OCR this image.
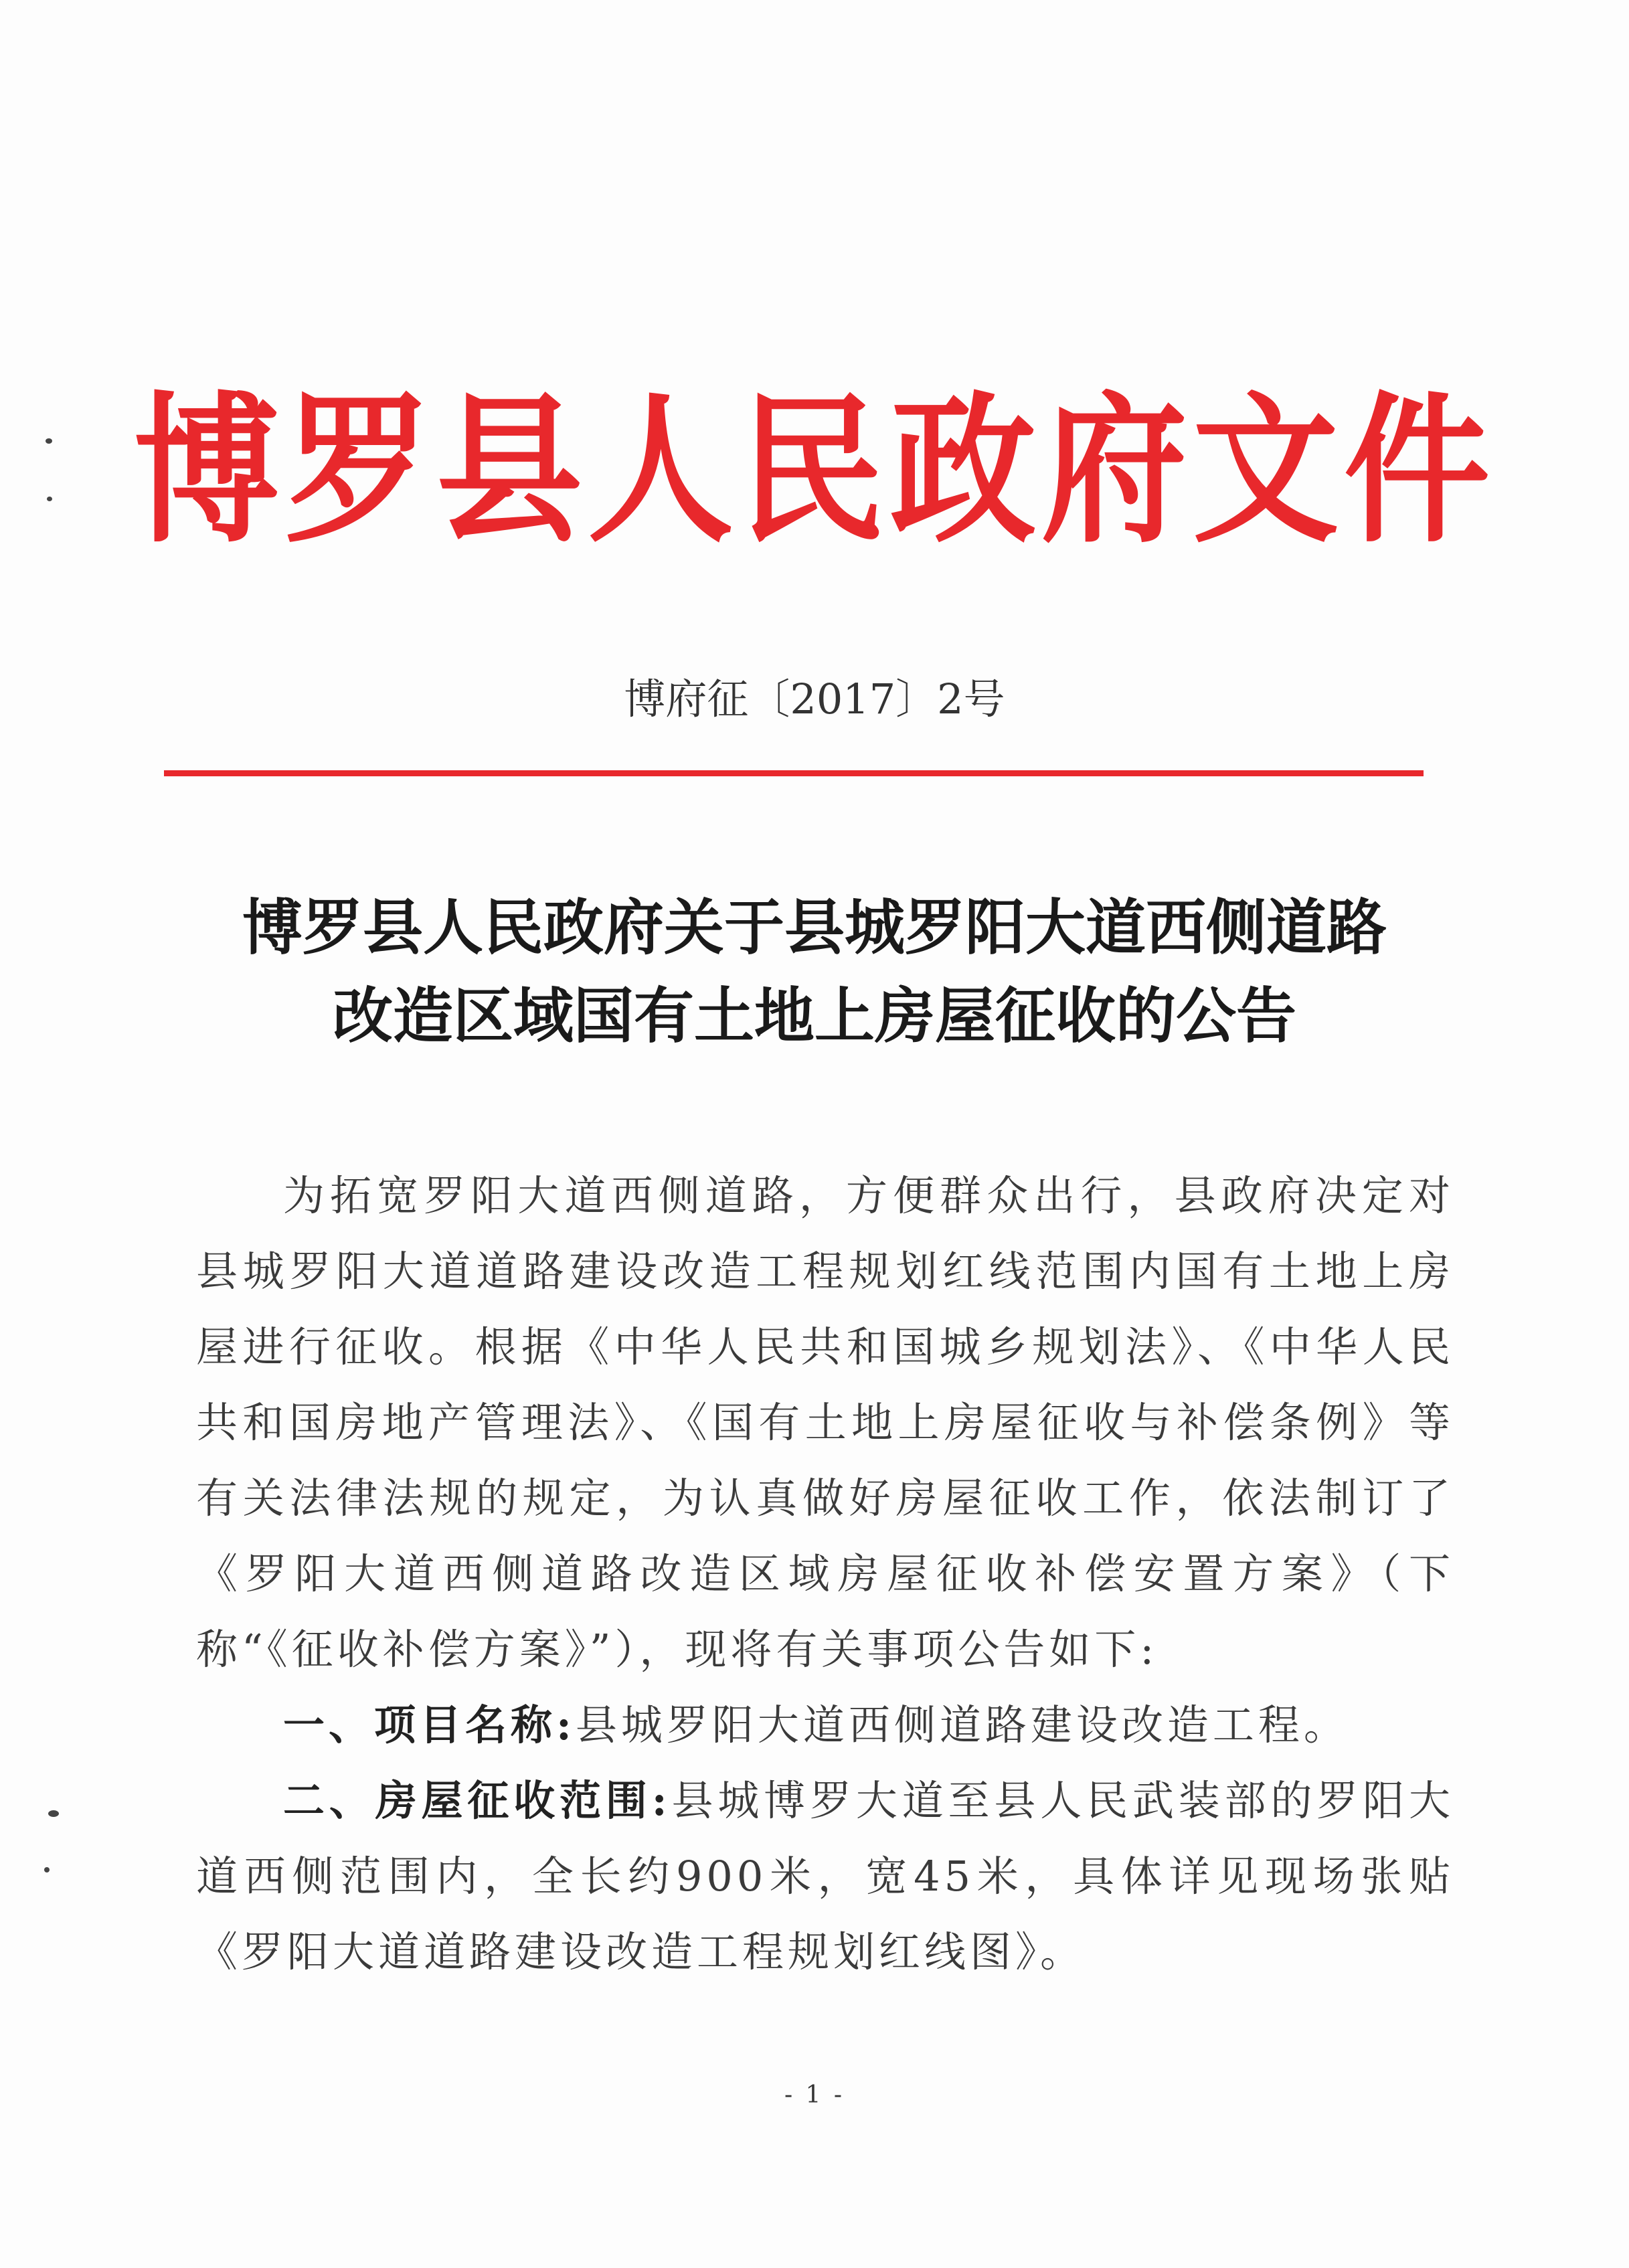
博罗县人民政府文件
博府征〔2017〕2号
博罗县人民政府关于县城罗阳大道西侧道路
改造区域国有土地上房屋征收的公告

为拓宽罗阳大道西侧道路，方便群众出行，县政府决定对县城罗阳大道道路建设改造工程规划红线范围内国有土地上房屋进行征收。根据《中华人民共和国城乡规划法》、《中华人民共和国房地产管理法》、《国有土地上房屋征收与补偿条例》等有关法律法规的规定，为认真做好房屋征收工作，依法制订了《罗阳大道西侧道路改造区域房屋征收补偿安置方案》（下称“《征收补偿方案》”），现将有关事项公告如下:

一、项目名称:县城罗阳大道西侧道路建设改造工程。

二、房屋征收范围:县城博罗大道至县人民武装部的罗阳大道西侧范围内，全长约900米，宽45米，具体详见现场张贴《罗阳大道道路建设改造工程规划红线图》。

- 1 -
